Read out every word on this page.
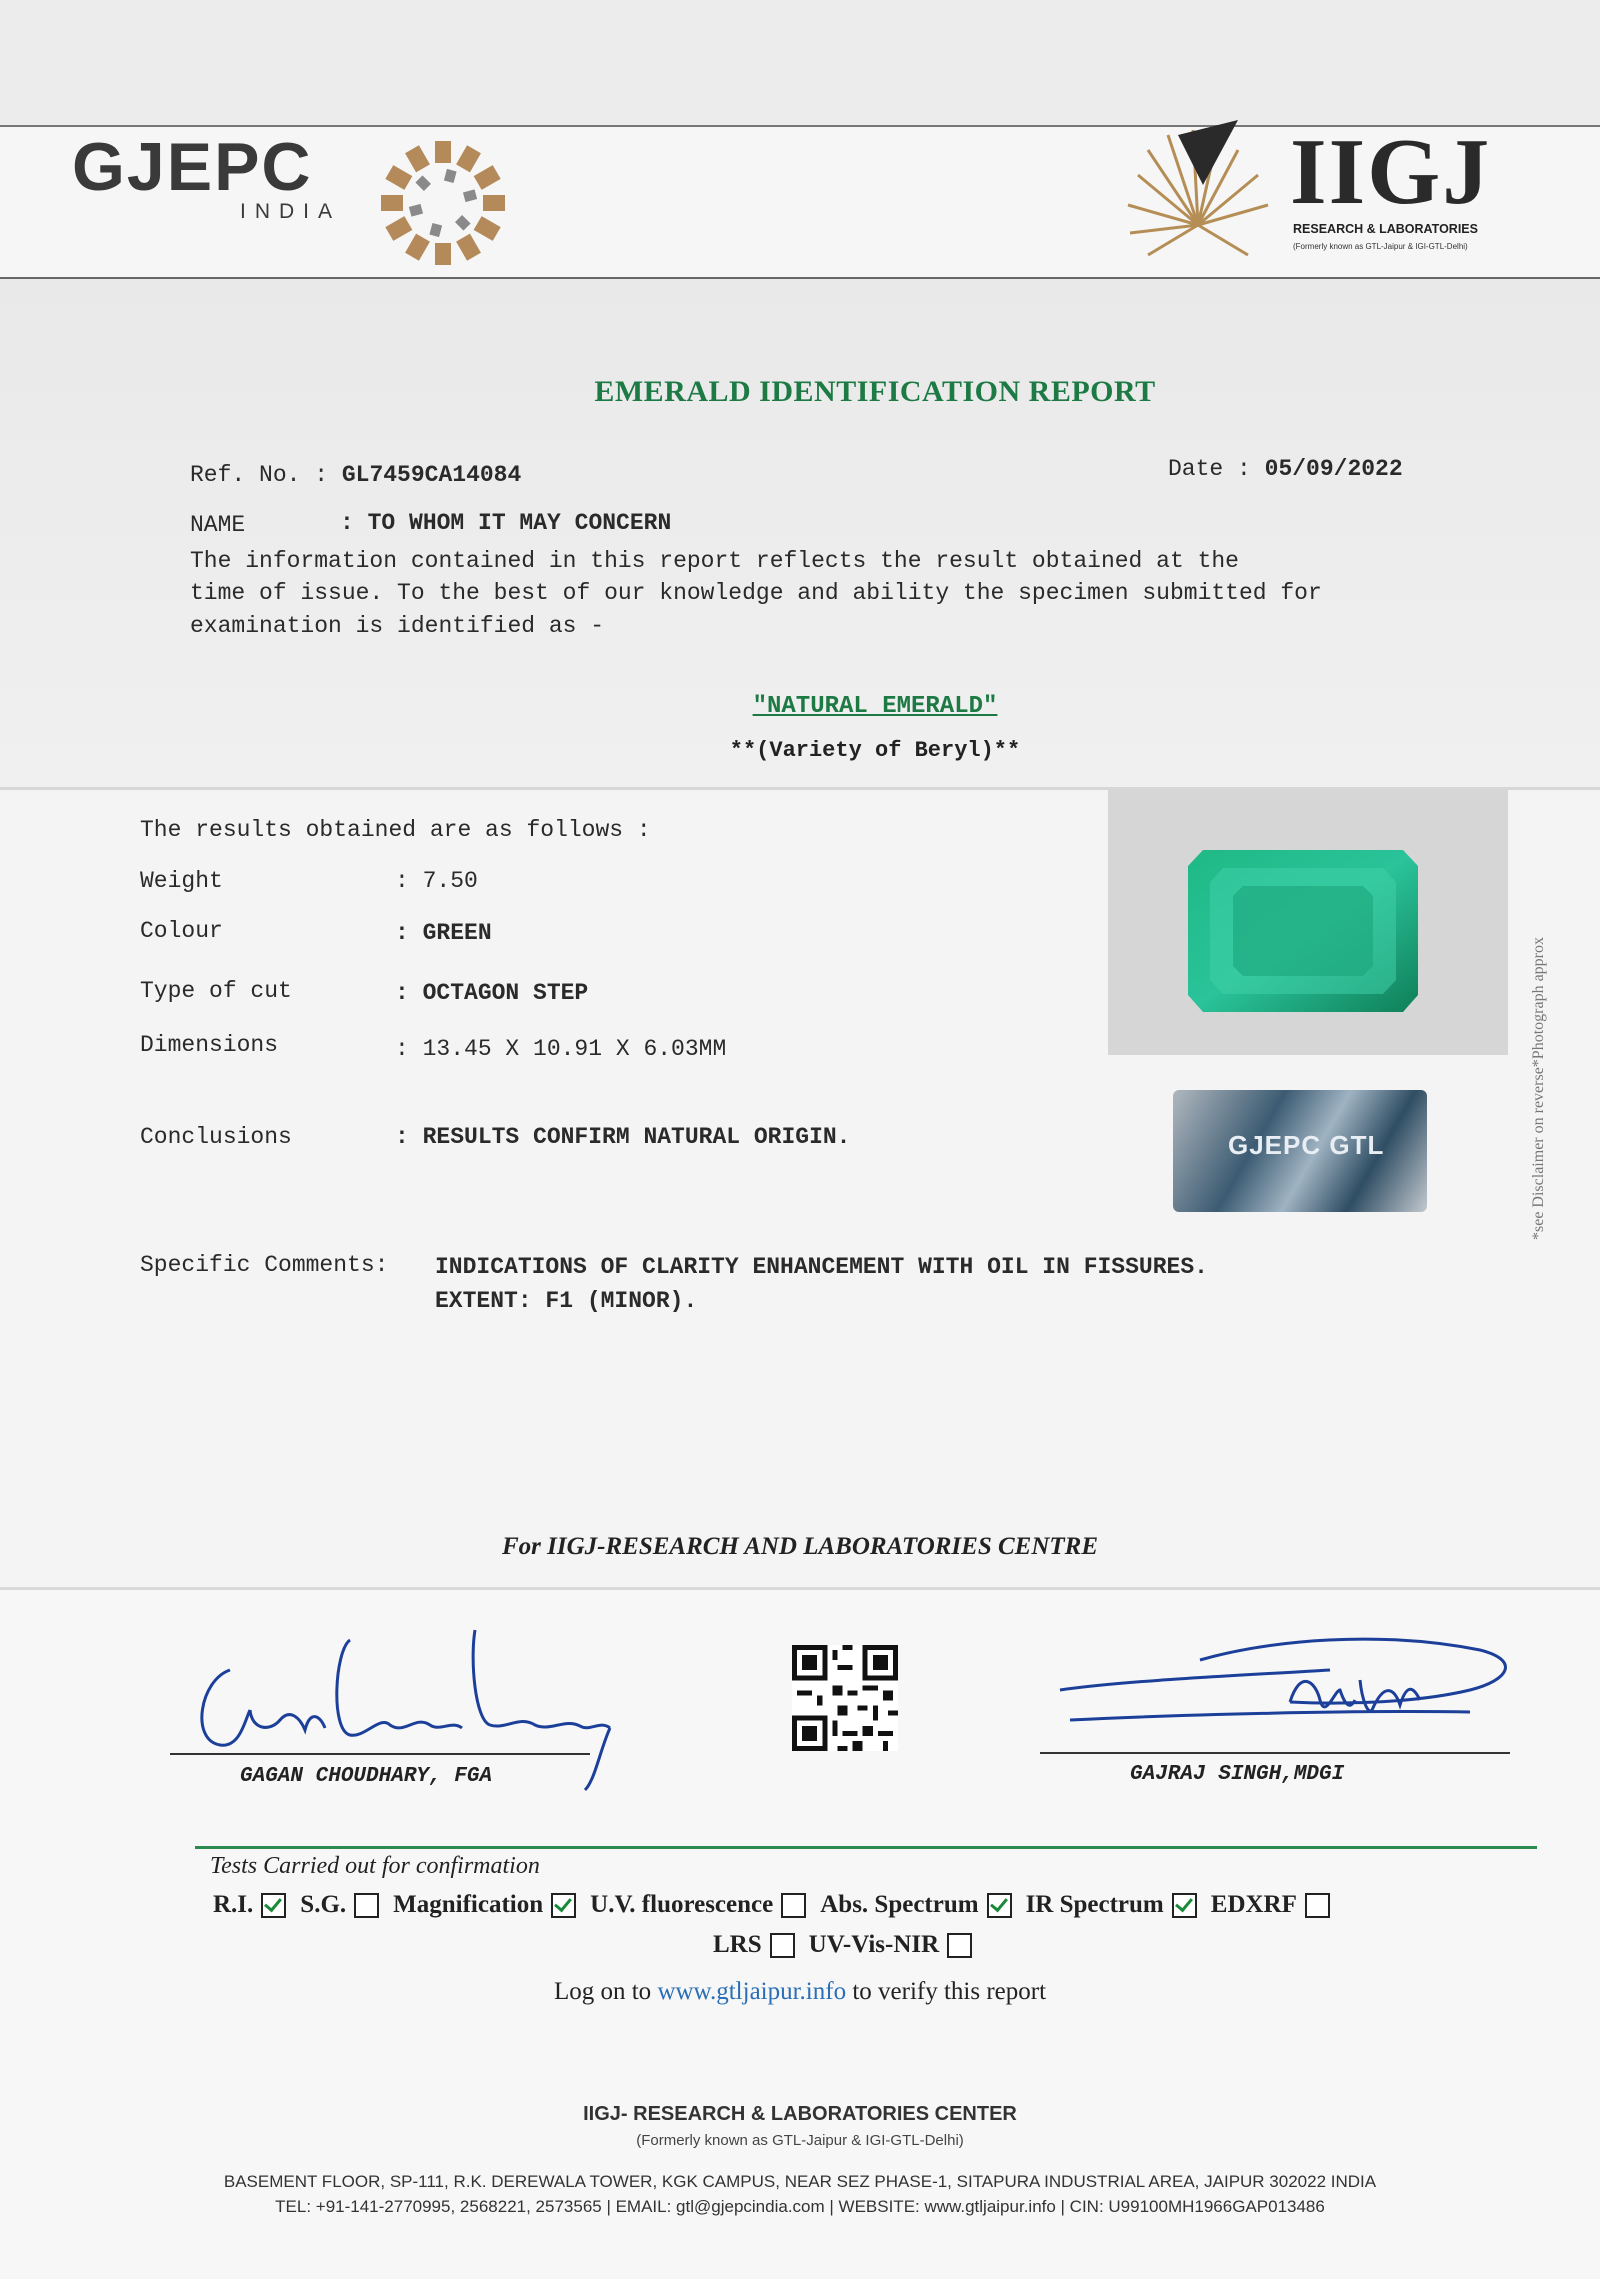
GJEPC
INDIA	IIGJ
RESEARCH & LABORATORIES
(Formerly known as GTL-Jaipur & IGI-GTL-Delhi)
EMERALD IDENTIFICATION REPORT
Ref. No. : GL7459CA14084	Date : 05/09/2022
NAME	: TO WHOM IT MAY CONCERN
The information contained in this report reflects the result obtained at the
time of issue. To the best of our knowledge and ability the specimen submitted for
examination is identified as -
"NATURAL EMERALD"
**(Variety of Beryl)**
The results obtained are as follows :
Weight	: 7.50
Colour	: GREEN
Type of cut	: OCTAGON STEP
Dimensions	: 13.45 X 10.91 X 6.03MM
Conclusions	: RESULTS CONFIRM NATURAL ORIGIN.
Specific Comments: INDICATIONS OF CLARITY ENHANCEMENT WITH OIL IN FISSURES.
EXTENT: F1 (MINOR).
GJEPC GTL	*see Disclaimer on reverse*Photograph approx
For IIGJ-RESEARCH AND LABORATORIES CENTRE
GAGAN CHOUDHARY, FGA	GAJRAJ SINGH,MDGI
Tests Carried out for confirmation
R.I. S.G. Magnification U.V. fluorescence Abs. Spectrum IR Spectrum EDXRF
LRS UV-Vis-NIR
Log on to www.gtljaipur.info to verify this report
IIGJ- RESEARCH & LABORATORIES CENTER
(Formerly known as GTL-Jaipur & IGI-GTL-Delhi)
BASEMENT FLOOR, SP-111, R.K. DEREWALA TOWER, KGK CAMPUS, NEAR SEZ PHASE-1, SITAPURA INDUSTRIAL AREA, JAIPUR 302022 INDIA
TEL: +91-141-2770995, 2568221, 2573565 | EMAIL: gtl@gjepcindia.com | WEBSITE: www.gtljaipur.info | CIN: U99100MH1966GAP013486
